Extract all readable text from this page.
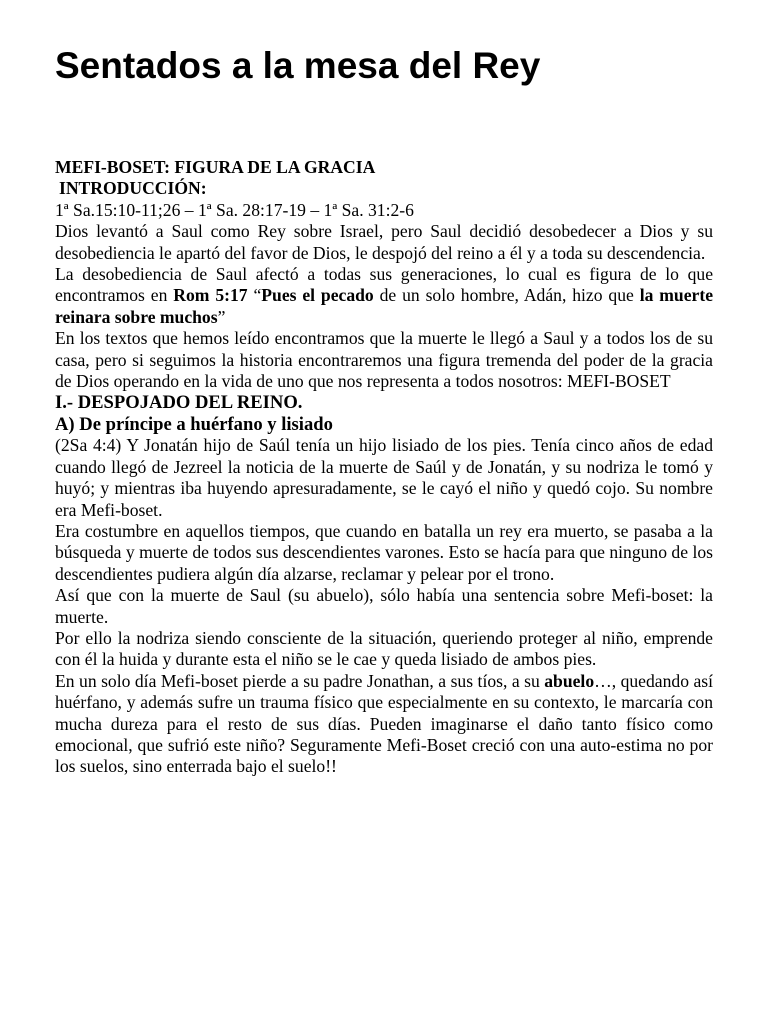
Sentados a la mesa del Rey

MEFI-BOSET: FIGURA DE LA GRACIA

INTRODUCCIÓN:

1ª Sa.15:10-11;26 – 1ª Sa. 28:17-19 – 1ª Sa. 31:2-6

Dios levantó a Saul como Rey sobre Israel, pero Saul decidió desobedecer a Dios y su desobediencia le apartó del favor de Dios, le despojó del reino a él y a toda su descendencia.

La desobediencia de Saul afectó a todas sus generaciones, lo cual es figura de lo que encontramos en Rom 5:17 “Pues el pecado de un solo hombre, Adán, hizo que la muerte reinara sobre muchos”

En los textos que hemos leído encontramos que la muerte le llegó a Saul y a todos los de su casa, pero si seguimos la historia encontraremos una figura tremenda del poder de la gracia de Dios operando en la vida de uno que nos representa a todos nosotros: MEFI-BOSET

I.- DESPOJADO DEL REINO.

A) De príncipe a huérfano y lisiado

(2Sa 4:4) Y Jonatán hijo de Saúl tenía un hijo lisiado de los pies. Tenía cinco años de edad cuando llegó de Jezreel la noticia de la muerte de Saúl y de Jonatán, y su nodriza le tomó y huyó; y mientras iba huyendo apresuradamente, se le cayó el niño y quedó cojo. Su nombre era Mefi-boset.

Era costumbre en aquellos tiempos, que cuando en batalla un rey era muerto, se pasaba a la búsqueda y muerte de todos sus descendientes varones. Esto se hacía para que ninguno de los descendientes pudiera algún día alzarse, reclamar y pelear por el trono.

Así que con la muerte de Saul (su abuelo), sólo había una sentencia sobre Mefi-boset: la muerte.

Por ello la nodriza siendo consciente de la situación, queriendo proteger al niño, emprende con él la huida y durante esta el niño se le cae y queda lisiado de ambos pies.

En un solo día Mefi-boset pierde a su padre Jonathan, a sus tíos, a su abuelo…, quedando así huérfano, y además sufre un trauma físico que especialmente en su contexto, le marcaría con mucha dureza para el resto de sus días. Pueden imaginarse el daño tanto físico como emocional, que sufrió este niño? Seguramente Mefi-Boset creció con una auto-estima no por los suelos, sino enterrada bajo el suelo!!
